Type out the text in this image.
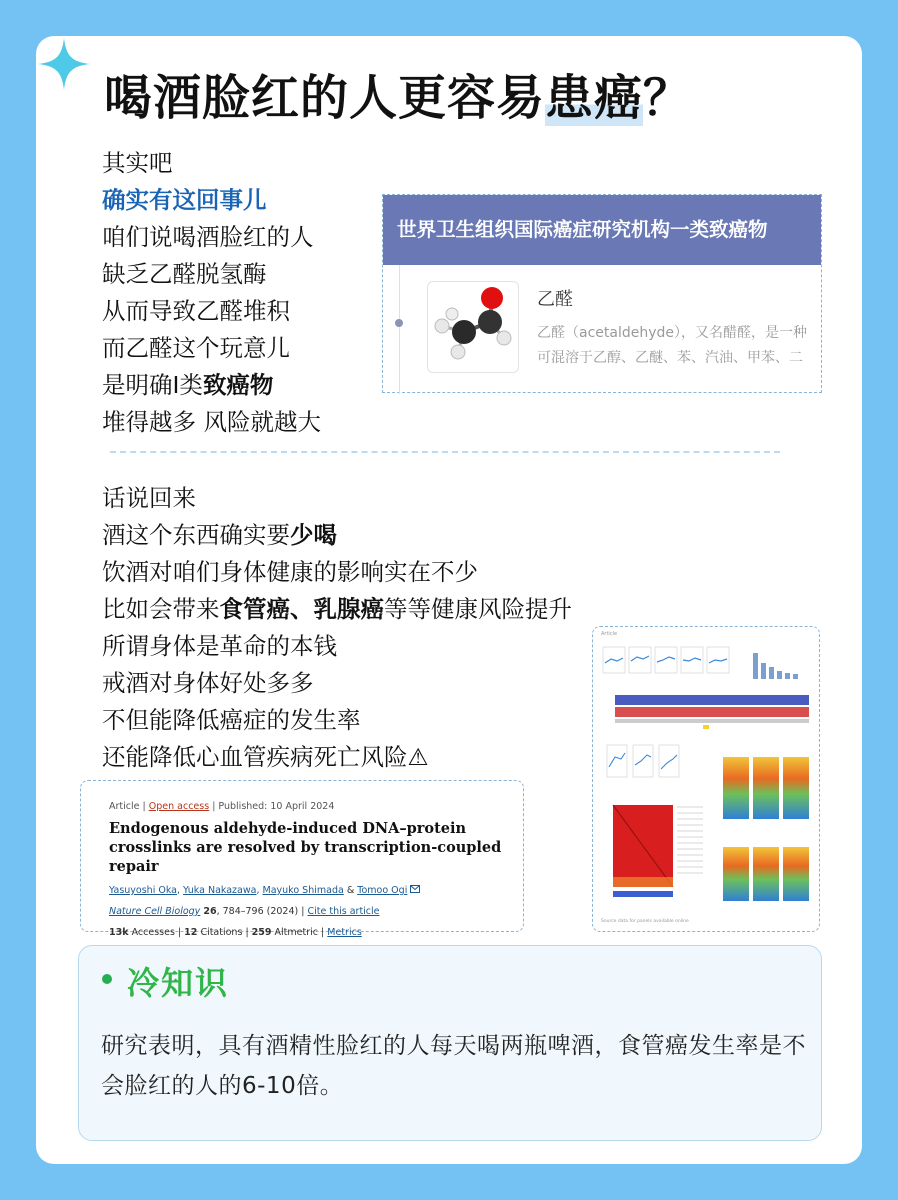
喝酒脸红的人更容易患癌？
其实吧
确实有这回事儿
咱们说喝酒脸红的人
缺乏乙醛脱氢酶
从而导致乙醛堆积
而乙醛这个玩意儿
是明确I类致癌物
堆得越多 风险就越大
世界卫生组织国际癌症研究机构一类致癌物
乙醛
乙醛（acetaldehyde），又名醋醛，是一种
可混溶于乙醇、乙醚、苯、汽油、甲苯、二
话说回来
酒这个东西确实要少喝
饮酒对咱们身体健康的影响实在不少
比如会带来食管癌、乳腺癌等等健康风险提升
所谓身体是革命的本钱
戒酒对身体好处多多
不但能降低癌症的发生率
还能降低心血管疾病死亡风险⚠
Article | Open access | Published: 10 April 2024
Endogenous aldehyde-induced DNA–protein
crosslinks are resolved by transcription-coupled repair
Yasuyoshi Oka, Yuka Nakazawa, Mayuko Shimada & Tomoo Ogi
Nature Cell Biology 26, 784–796 (2024) | Cite this article
13k Accesses | 12 Citations | 259 Altmetric | Metrics
Article
Source data for panels available online
冷知识
研究表明，具有酒精性脸红的人每天喝两瓶啤酒，食管癌发生率是不会脸红的人的6-10倍。
